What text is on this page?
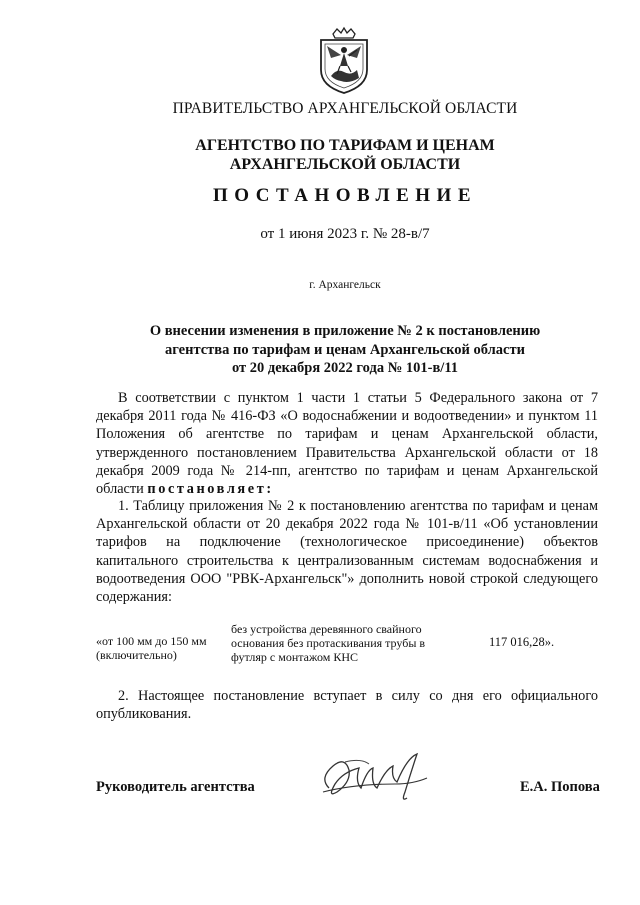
ПРАВИТЕЛЬСТВО АРХАНГЕЛЬСКОЙ ОБЛАСТИ
АГЕНТСТВО ПО ТАРИФАМ И ЦЕНАМ
АРХАНГЕЛЬСКОЙ ОБЛАСТИ
ПОСТАНОВЛЕНИЕ
от 1 июня 2023 г. № 28-в/7
г. Архангельск
О внесении изменения в приложение № 2 к постановлению
агентства по тарифам и ценам Архангельской области
от 20 декабря 2022 года № 101-в/11
В соответствии с пунктом 1 части 1 статьи 5 Федерального закона от 7 декабря 2011 года № 416-ФЗ «О водоснабжении и водоотведении» и пунктом 11 Положения об агентстве по тарифам и ценам Архангельской области, утвержденного постановлением Правительства Архангельской области от 18 декабря 2009 года № 214-пп, агентство по тарифам и ценам Архангельской области постановляет:
1. Таблицу приложения № 2 к постановлению агентства по тарифам и ценам Архангельской области от 20 декабря 2022 года № 101-в/11 «Об установлении тарифов на подключение (технологическое присоединение) объектов капитального строительства к централизованным системам водоснабжения и водоотведения ООО "РВК-Архангельск"» дополнить новой строкой следующего содержания:
«от 100 мм до 150 мм (включительно)
без устройства деревянного свайного основания без протаскивания трубы в футляр с монтажом КНС
117 016,28».
2. Настоящее постановление вступает в силу со дня его официального опубликования.
Руководитель агентства	Е.А. Попова
